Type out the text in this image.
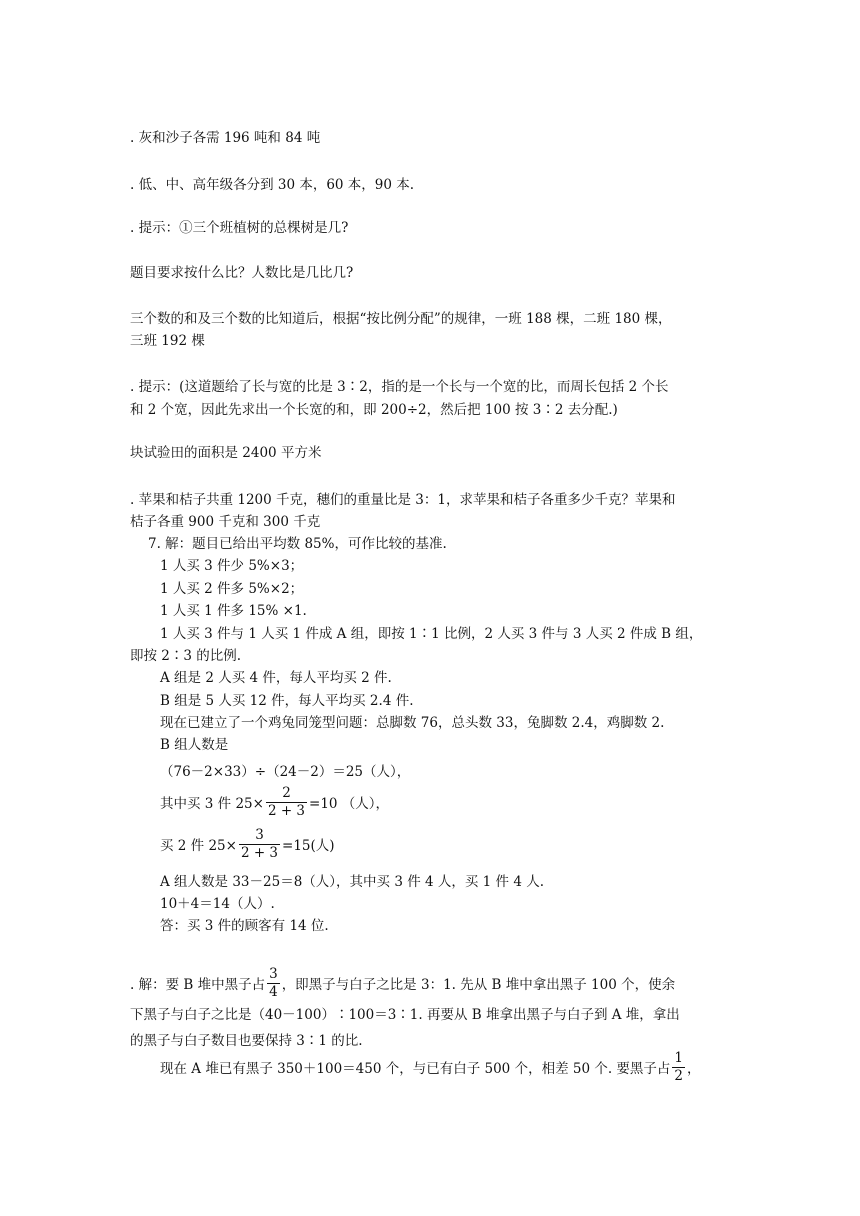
. 灰和沙子各需 196 吨和 84 吨
. 低、中、高年级各分到 30 本，60 本，90 本.
. 提示：①三个班植树的总棵树是几?
题目要求按什么比？人数比是几比几?
三个数的和及三个数的比知道后，根据“按比例分配”的规律，一班 188 棵，二班 180 棵，
三班 192 棵
. 提示：(这道题给了长与宽的比是 3∶2，指的是一个长与一个宽的比，而周长包括 2 个长
和 2 个宽，因此先求出一个长宽的和，即 200÷2，然后把 100 按 3∶2 去分配.)
块试验田的面积是 2400 平方米
. 苹果和桔子共重 1200 千克，穗们的重量比是 3：1，求苹果和桔子各重多少千克？苹果和
桔子各重 900 千克和 300 千克
7. 解：题目已给出平均数 85%，可作比较的基准.
1 人买 3 件少 5%×3；
1 人买 2 件多 5%×2；
1 人买 1 件多 15% ×1.
1 人买 3 件与 1 人买 1 件成 A 组，即按 1∶1 比例，2 人买 3 件与 3 人买 2 件成 B 组，
即按 2∶3 的比例.
A 组是 2 人买 4 件，每人平均买 2 件.
B 组是 5 人买 12 件，每人平均买 2.4 件.
现在已建立了一个鸡兔同笼型问题：总脚数 76，总头数 33，兔脚数 2.4，鸡脚数 2.
B 组人数是
（76－2×33）÷（24－2）＝25（人），
其中买 3 件 $25\times \frac{2}{2 + 3} =10$ （人），
买 2 件 $25\times \frac{3}{2 + 3} =15$(人)
A 组人数是 33－25＝8（人），其中买 3 件 4 人，买 1 件 4 人.
10＋4＝14（人）.
答：买 3 件的顾客有 14 位.
. 解：要 B 堆中黑子占 $\frac{3}{4}$ ，即黑子与白子之比是 3：1. 先从 B 堆中拿出黑子 100 个，使余
下黑子与白子之比是（40－100）∶100＝3∶1. 再要从 B 堆拿出黑子与白子到 A 堆，拿出
的黑子与白子数目也要保持 3∶1 的比.
现在 A 堆已有黑子 350＋100＝450 个，与已有白子 500 个，相差 50 个. 要黑子占 $\frac{1}{2}$ ，
